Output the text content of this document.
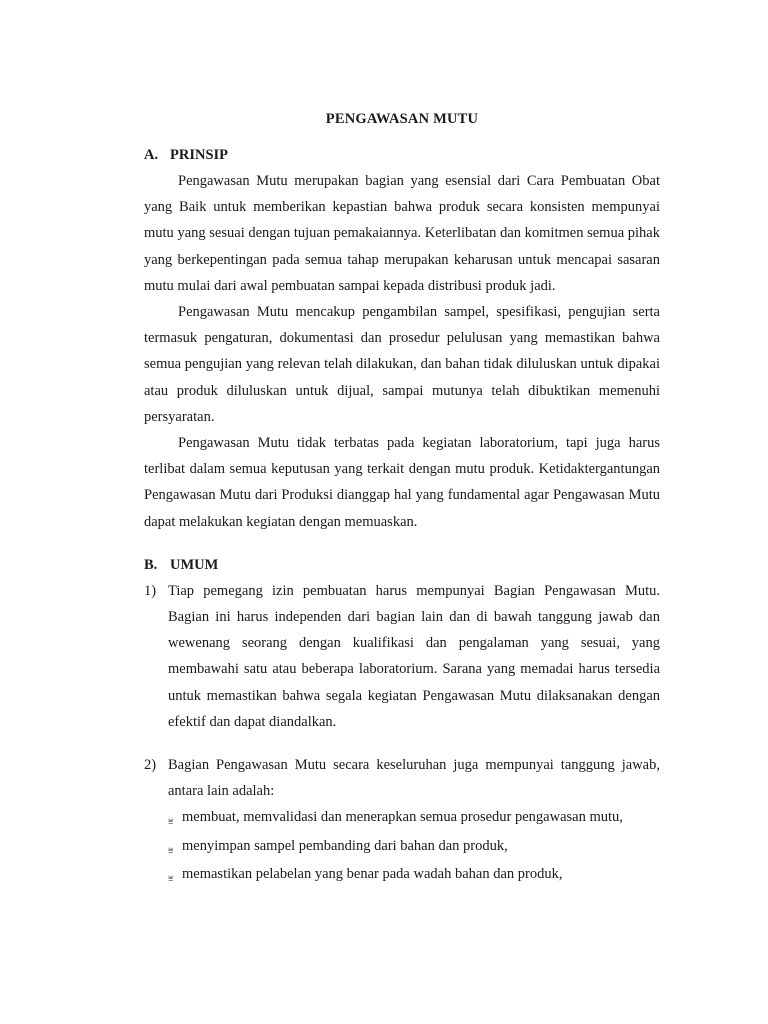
PENGAWASAN MUTU
A. PRINSIP

Pengawasan Mutu merupakan bagian yang esensial dari Cara Pembuatan Obat yang Baik untuk memberikan kepastian bahwa produk secara konsisten mempunyai mutu yang sesuai dengan tujuan pemakaiannya. Keterlibatan dan komitmen semua pihak yang berkepentingan pada semua tahap merupakan keharusan untuk mencapai sasaran mutu mulai dari awal pembuatan sampai kepada distribusi produk jadi.

Pengawasan Mutu mencakup pengambilan sampel, spesifikasi, pengujian serta termasuk pengaturan, dokumentasi dan prosedur pelulusan yang memastikan bahwa semua pengujian yang relevan telah dilakukan, dan bahan tidak diluluskan untuk dipakai atau produk diluluskan untuk dijual, sampai mutunya telah dibuktikan memenuhi persyaratan.

Pengawasan Mutu tidak terbatas pada kegiatan laboratorium, tapi juga harus terlibat dalam semua keputusan yang terkait dengan mutu produk. Ketidaktergantungan Pengawasan Mutu dari Produksi dianggap hal yang fundamental agar Pengawasan Mutu dapat melakukan kegiatan dengan memuaskan.

B. UMUM
1) Tiap pemegang izin pembuatan harus mempunyai Bagian Pengawasan Mutu. Bagian ini harus independen dari bagian lain dan di bawah tanggung jawab dan wewenang seorang dengan kualifikasi dan pengalaman yang sesuai, yang membawahi satu atau beberapa laboratorium. Sarana yang memadai harus tersedia untuk memastikan bahwa segala kegiatan Pengawasan Mutu dilaksanakan dengan efektif dan dapat diandalkan.
2) Bagian Pengawasan Mutu secara keseluruhan juga mempunyai tanggung jawab, antara lain adalah:
⩸ membuat, memvalidasi dan menerapkan semua prosedur pengawasan mutu,
⩸ menyimpan sampel pembanding dari bahan dan produk,
⩸ memastikan pelabelan yang benar pada wadah bahan dan produk,
